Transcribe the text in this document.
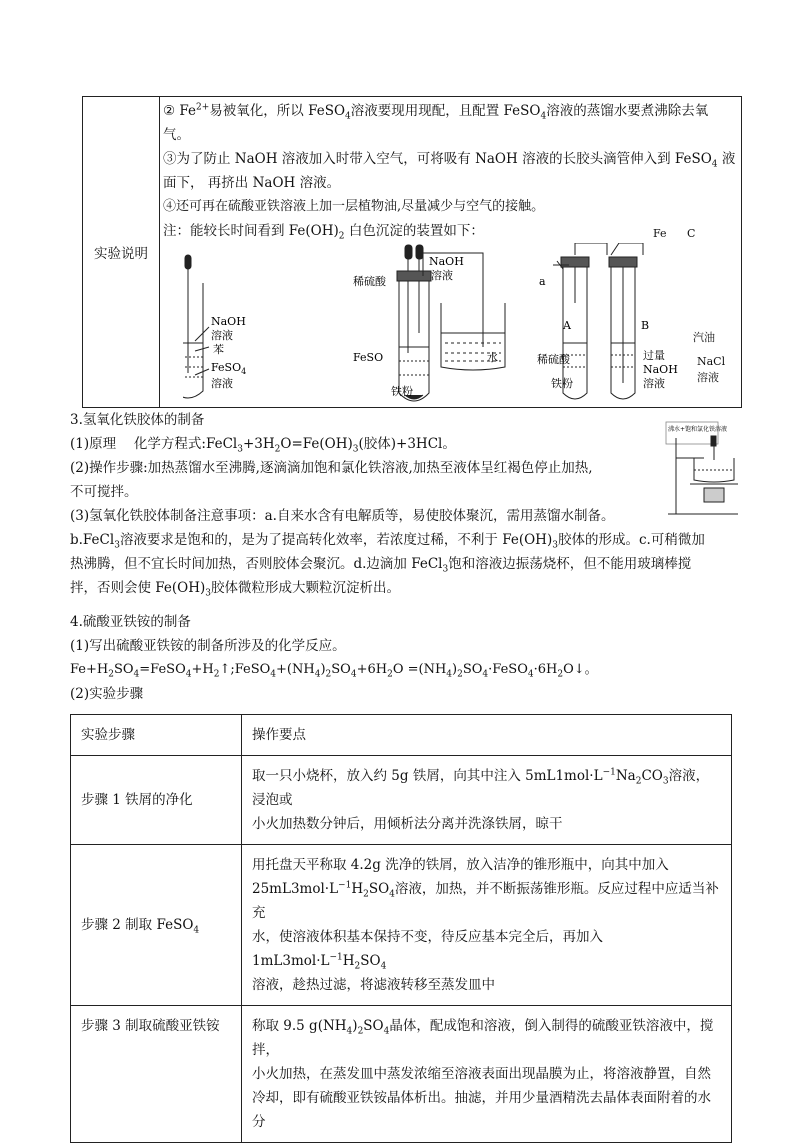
实验说明
② $Fe^{2+}$易被氧化，所以 FeSO$_4$溶液要现用现配，且配置 FeSO$_4$溶液的蒸馏水要煮沸除去氧
气。
③为了防止 NaOH 溶液加入时带入空气，可将吸有 NaOH 溶液的长胶头滴管伸入到 FeSO$_4$ 液
面下， 再挤出 NaOH 溶液。
④还可再在硫酸亚铁溶液上加一层植物油,尽量减少与空气的接触。
注：能较长时间看到 $Fe(OH)_2$ 白色沉淀的装置如下：
NaOH
溶液
苯
FeSO$_4$
溶液
稀硫酸
NaOH
溶液
FeSO
铁粉
水
a
A	B
稀硫酸
铁粉
过量
NaOH
溶液
Fe C
汽油
NaCl
溶液
3.氢氧化铁胶体的制备
(1)原理　 化学方程式$:FeCl_3+3H_2O=Fe(OH)_3$(胶体)+3HCl。
(2)操作步骤:加热蒸馏水至沸腾,逐滴滴加饱和氯化铁溶液,加热至液体呈红褐色停止加热,
不可搅拌。
(3)氢氧化铁胶体制备注意事项：a.自来水含有电解质等，易使胶体聚沉，需用蒸馏水制备。
沸水+饱和氯化铁溶液
b.FeCl$_3$溶液要求是饱和的，是为了提高转化效率，若浓度过稀，不利于 $Fe(OH)_3$胶体的形成。c.可稍微加
热沸腾，但不宜长时间加热，否则胶体会聚沉。d.边滴加 FeCl$_3$饱和溶液边振荡烧杯，但不能用玻璃棒搅
拌，否则会使 $Fe(OH)_3$胶体微粒形成大颗粒沉淀析出。
4.硫酸亚铁铵的制备
(1)写出硫酸亚铁铵的制备所涉及的化学反应。
$Fe+H_2SO_4=FeSO_4+H_2↑;FeSO_4+(NH_4)_2SO_4+6H_2O$ $=(NH_4)_2SO_4\cdot FeSO_4\cdot 6H_2O↓$。
(2)实验步骤
实验步骤	操作要点
步骤 1 铁屑的净化	取一只小烧杯，放入约 5g 铁屑，向其中注入 $5mL1mol\cdot L^{-1}Na_2CO_3$溶液，浸泡或
小火加热数分钟后，用倾析法分离并洗涤铁屑，晾干
步骤 2 制取 FeSO$_4$	用托盘天平称取 4.2g 洗净的铁屑，放入洁净的锥形瓶中，向其中加入
$25mL3mol\cdot L^{-1}H_2SO_4$溶液，加热，并不断振荡锥形瓶。反应过程中应适当补充
水，使溶液体积基本保持不变，待反应基本完全后，再加入 $1mL3mol\cdot L^{-1}H_2SO_4$
溶液，趁热过滤，将滤液转移至蒸发皿中
步骤 3 制取硫酸亚铁铵	称取 9.5 $g(NH_4)_2SO_4$晶体，配成饱和溶液，倒入制得的硫酸亚铁溶液中，搅拌，
小火加热，在蒸发皿中蒸发浓缩至溶液表面出现晶膜为止，将溶液静置，自然
冷却，即有硫酸亚铁铵晶体析出。抽滤，并用少量酒精洗去晶体表面附着的水
分
